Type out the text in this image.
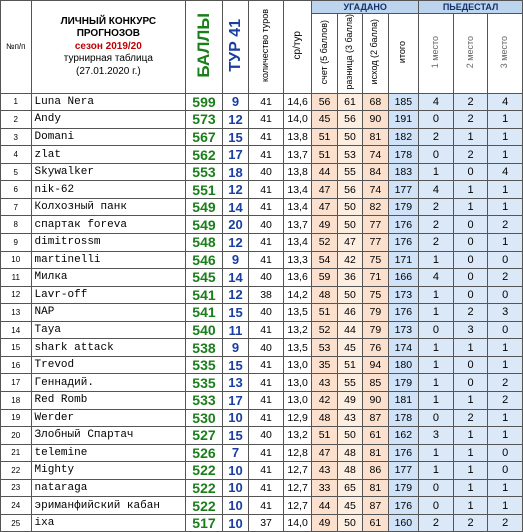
№п/п	ЛИЧНЫЙ КОНКУРС
ПРОГНОЗОВ
сезон 2019/20
турнирная таблица
(27.01.2020 г.)	БАЛЛЫ	ТУР 41	количество туров	ср/тур	УГАДАНО				ПЬЕДЕСТАЛ		
						счет (5 баллов)	разница (3 балла)	исход (2 балла)	итого	1 место	2 место	3 место
1	Luna Nera	599	9	41	14,6	56	61	68	185	4	2	4
2	Andy	573	12	41	14,0	45	56	90	191	0	2	1
3	Domani	567	15	41	13,8	51	50	81	182	2	1	1
4	zlat	562	17	41	13,7	51	53	74	178	0	2	1
5	Skywalker	553	18	40	13,8	44	55	84	183	1	0	4
6	nik-62	551	12	41	13,4	47	56	74	177	4	1	1
7	Колхозный панк	549	14	41	13,4	47	50	82	179	2	1	1
8	спартак forevа	549	20	40	13,7	49	50	77	176	2	0	2
9	dimitrossm	548	12	41	13,4	52	47	77	176	2	0	1
10	martinelli	546	9	41	13,3	54	42	75	171	1	0	0
11	Милка	545	14	40	13,6	59	36	71	166	4	0	2
12	Lavr-off	541	12	38	14,2	48	50	75	173	1	0	0
13	NAP	541	15	40	13,5	51	46	79	176	1	2	3
14	Taya	540	11	41	13,2	52	44	79	173	0	3	0
15	shark attack	538	9	40	13,5	53	45	76	174	1	1	1
16	Trevod	535	15	41	13,0	35	51	94	180	1	0	1
17	Геннадий.	535	13	41	13,0	43	55	85	179	1	0	2
18	Red Romb	533	17	41	13,0	42	49	90	181	1	1	2
19	Werder	530	10	41	12,9	48	43	87	178	0	2	1
20	Злобный Спартач	527	15	40	13,2	51	50	61	162	3	1	1
21	telemine	526	7	41	12,8	47	48	81	176	1	1	0
22	Mighty	522	10	41	12,7	43	48	86	177	1	1	0
23	nataraga	522	10	41	12,7	33	65	81	179	0	1	1
24	эриманфийский кабан	522	10	41	12,7	44	45	87	176	0	1	1
25	ixa	517	10	37	14,0	49	50	61	160	2	2	2
